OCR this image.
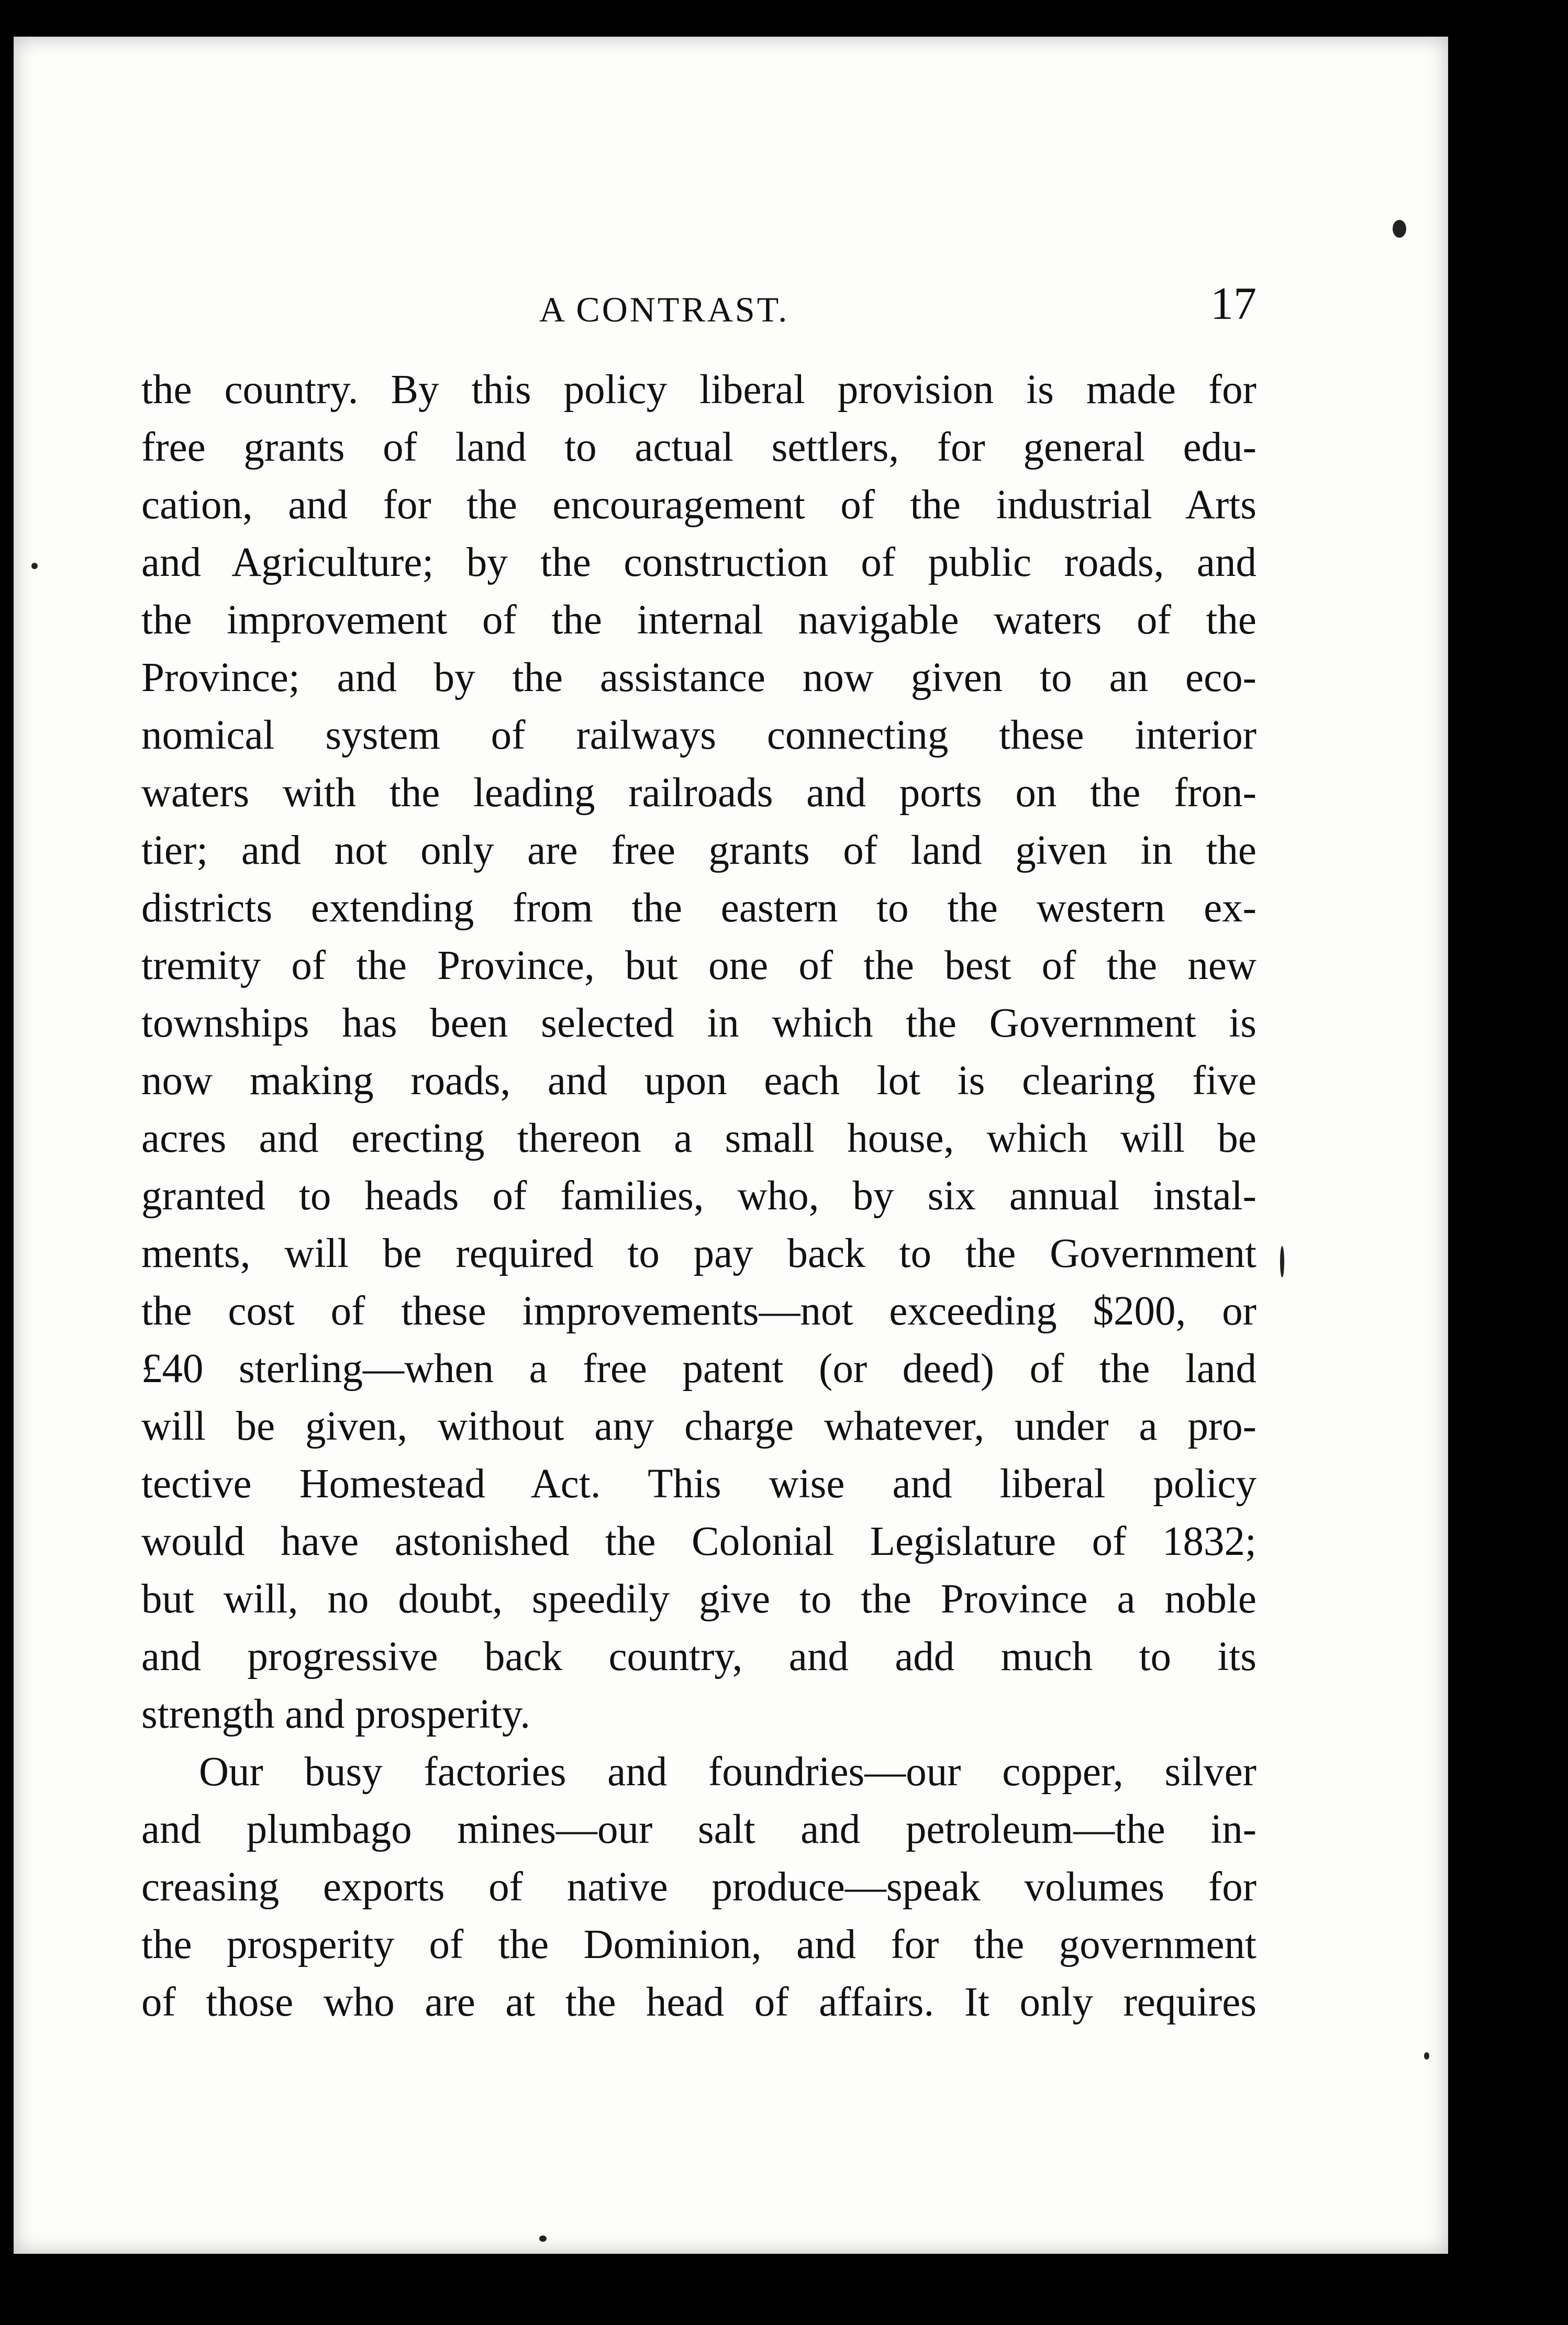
A CONTRAST.	17

the country. By this policy liberal provision is made for
free grants of land to actual settlers, for general edu-
cation, and for the encouragement of the industrial Arts
and Agriculture; by the construction of public roads, and
the improvement of the internal navigable waters of the
Province; and by the assistance now given to an eco-
nomical system of railways connecting these interior
waters with the leading railroads and ports on the fron-
tier; and not only are free grants of land given in the
districts extending from the eastern to the western ex-
tremity of the Province, but one of the best of the new
townships has been selected in which the Government is
now making roads, and upon each lot is clearing five
acres and erecting thereon a small house, which will be
granted to heads of families, who, by six annual instal-
ments, will be required to pay back to the Government
the cost of these improvements—not exceeding $200, or
£40 sterling—when a free patent (or deed) of the land
will be given, without any charge whatever, under a pro-
tective Homestead Act. This wise and liberal policy
would have astonished the Colonial Legislature of 1832;
but will, no doubt, speedily give to the Province a noble
and progressive back country, and add much to its
strength and prosperity.

Our busy factories and foundries—our copper, silver
and plumbago mines—our salt and petroleum—the in-
creasing exports of native produce—speak volumes for
the prosperity of the Dominion, and for the government
of those who are at the head of affairs. It only requires
